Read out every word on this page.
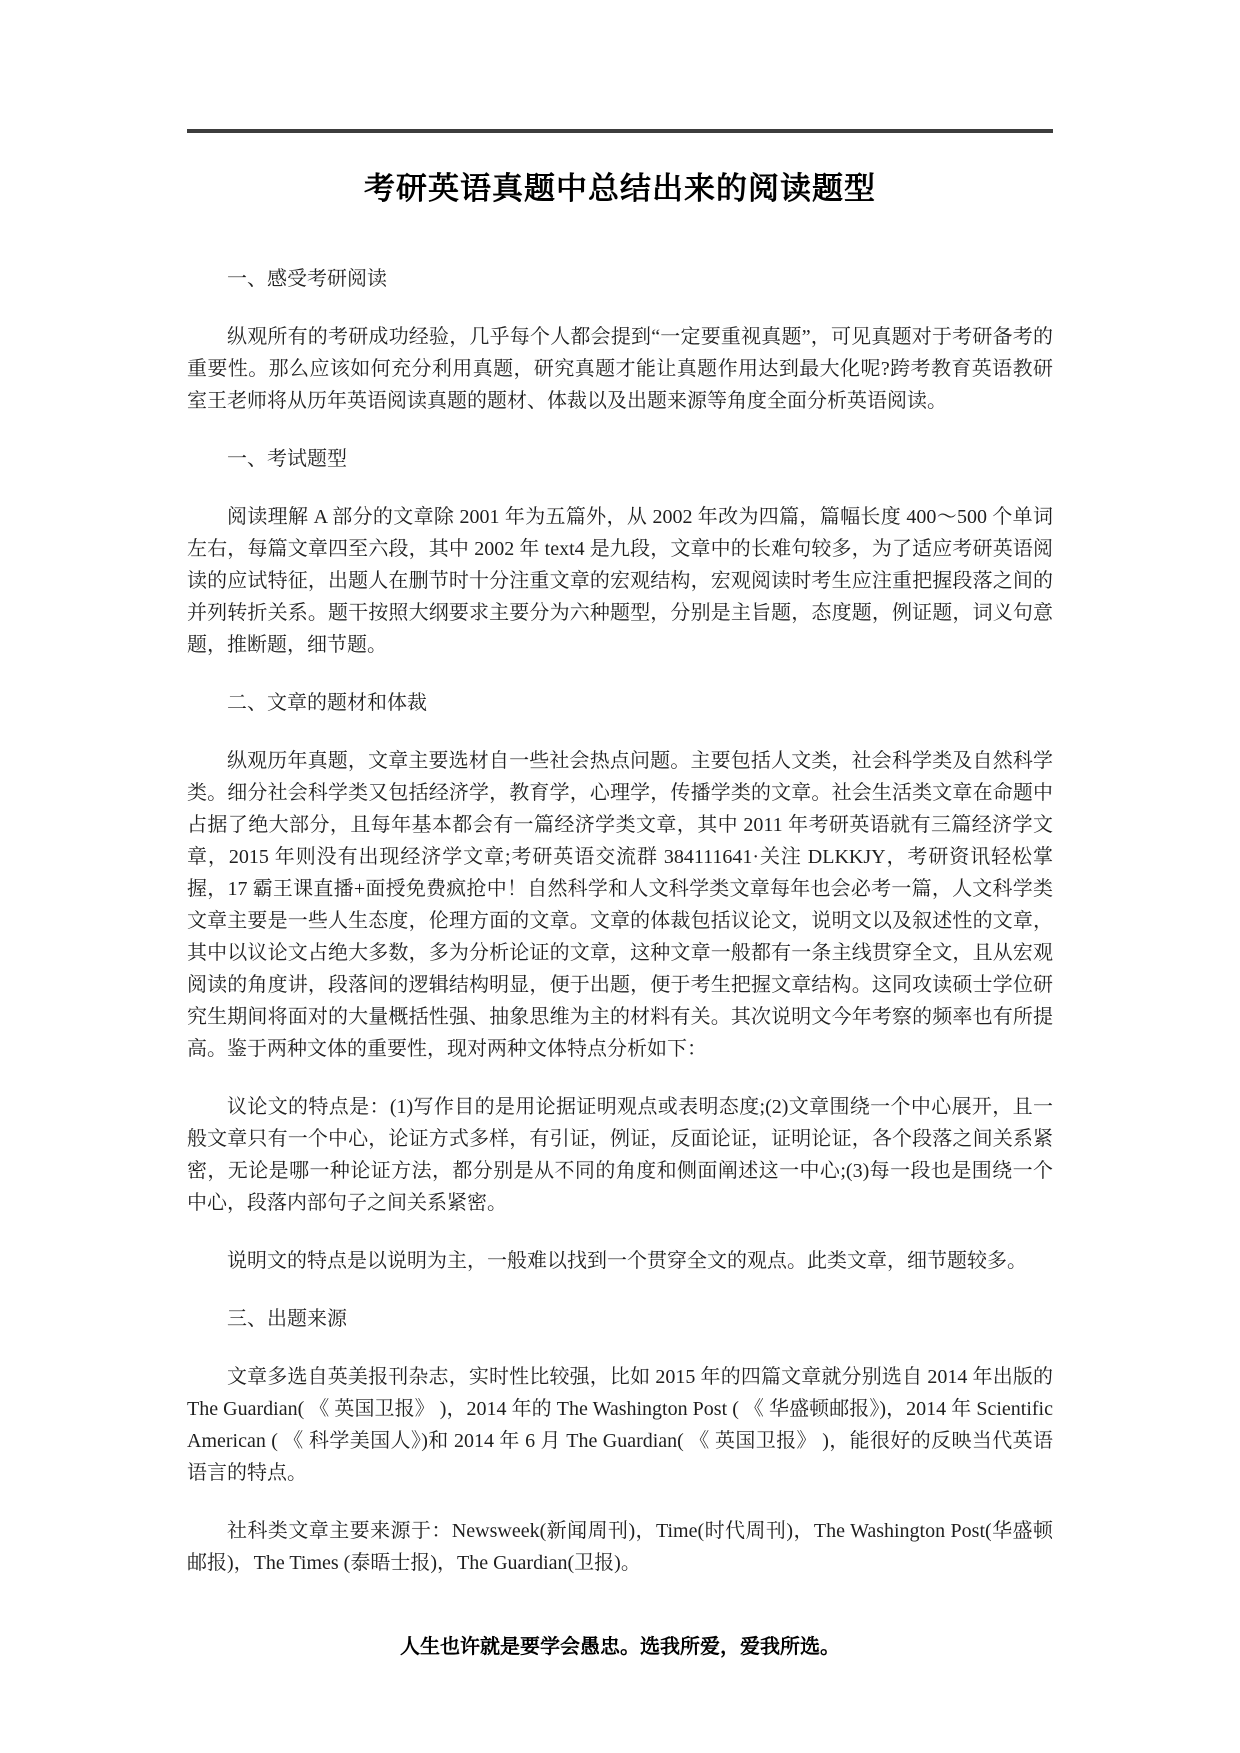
考研英语真题中总结出来的阅读题型
一、感受考研阅读
纵观所有的考研成功经验，几乎每个人都会提到“一定要重视真题”，可见真题对于考研备考的重要性。那么应该如何充分利用真题，研究真题才能让真题作用达到最大化呢?跨考教育英语教研室王老师将从历年英语阅读真题的题材、体裁以及出题来源等角度全面分析英语阅读。
一、考试题型
阅读理解 A 部分的文章除 2001 年为五篇外，从 2002 年改为四篇，篇幅长度 400～500 个单词左右，每篇文章四至六段，其中 2002 年 text4 是九段，文章中的长难句较多，为了适应考研英语阅读的应试特征，出题人在删节时十分注重文章的宏观结构，宏观阅读时考生应注重把握段落之间的并列转折关系。题干按照大纲要求主要分为六种题型，分别是主旨题，态度题，例证题，词义句意题，推断题，细节题。
二、文章的题材和体裁
纵观历年真题，文章主要选材自一些社会热点问题。主要包括人文类，社会科学类及自然科学类。细分社会科学类又包括经济学，教育学，心理学，传播学类的文章。社会生活类文章在命题中占据了绝大部分，且每年基本都会有一篇经济学类文章，其中 2011 年考研英语就有三篇经济学文章，2015 年则没有出现经济学文章;考研英语交流群 384111641·关注 DLKKJY，考研资讯轻松掌握，17 霸王课直播+面授免费疯抢中！自然科学和人文科学类文章每年也会必考一篇，人文科学类文章主要是一些人生态度，伦理方面的文章。文章的体裁包括议论文，说明文以及叙述性的文章，其中以议论文占绝大多数，多为分析论证的文章，这种文章一般都有一条主线贯穿全文，且从宏观阅读的角度讲，段落间的逻辑结构明显，便于出题，便于考生把握文章结构。这同攻读硕士学位研究生期间将面对的大量概括性强、抽象思维为主的材料有关。其次说明文今年考察的频率也有所提高。鉴于两种文体的重要性，现对两种文体特点分析如下：
议论文的特点是：(1)写作目的是用论据证明观点或表明态度;(2)文章围绕一个中心展开，且一般文章只有一个中心，论证方式多样，有引证，例证，反面论证，证明论证，各个段落之间关系紧密，无论是哪一种论证方法，都分别是从不同的角度和侧面阐述这一中心;(3)每一段也是围绕一个中心，段落内部句子之间关系紧密。
说明文的特点是以说明为主，一般难以找到一个贯穿全文的观点。此类文章，细节题较多。
三、出题来源
文章多选自英美报刊杂志，实时性比较强，比如 2015 年的四篇文章就分别选自 2014 年出版的 The Guardian( 《 英国卫报》 )，2014 年的 The Washington Post ( 《 华盛顿邮报》)，2014 年 Scientific American ( 《 科学美国人》)和 2014 年 6 月 The Guardian( 《 英国卫报》 )，能很好的反映当代英语语言的特点。
社科类文章主要来源于：Newsweek(新闻周刊)，Time(时代周刊)，The Washington Post(华盛顿邮报)，The Times (泰晤士报)，The Guardian(卫报)。
人生也许就是要学会愚忠。选我所爱，爱我所选。
